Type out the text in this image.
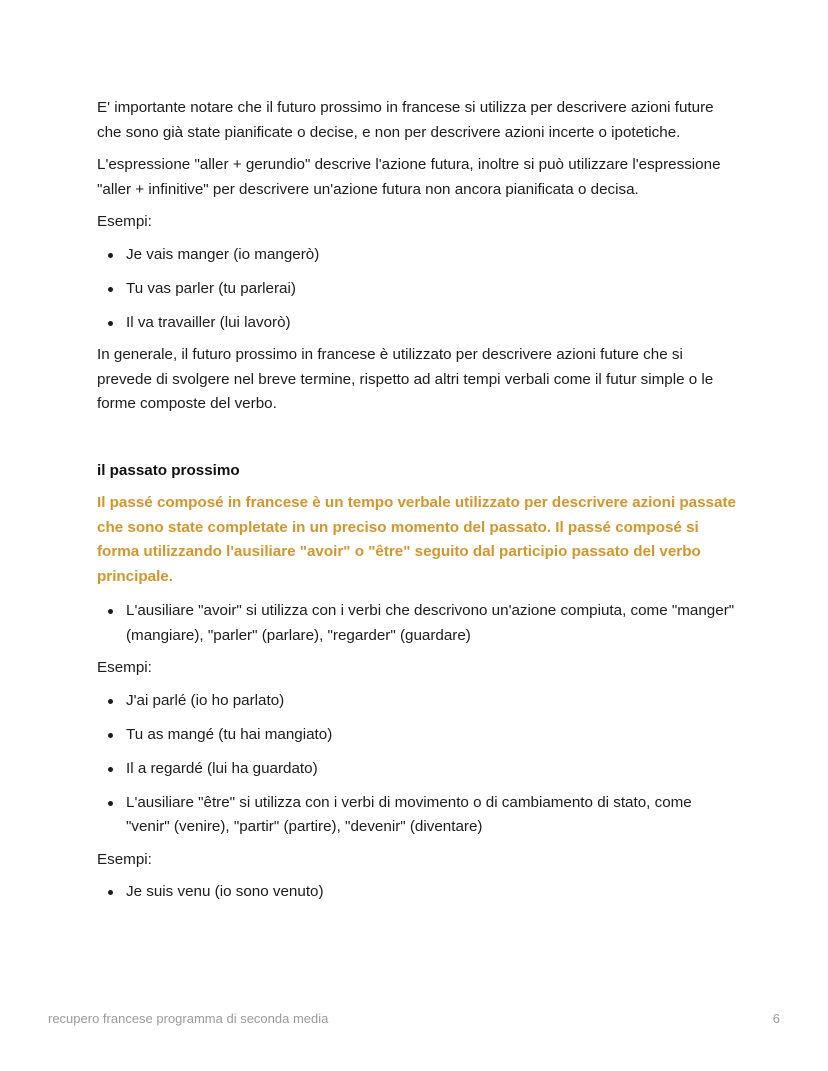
E' importante notare che il futuro prossimo in francese si utilizza per descrivere azioni future che sono già state pianificate o decise, e non per descrivere azioni incerte o ipotetiche.

L'espressione "aller + gerundio" descrive l'azione futura, inoltre si può utilizzare l'espressione "aller + infinitive" per descrivere un'azione futura non ancora pianificata o decisa.

Esempi:

Je vais manger (io mangerò)
Tu vas parler (tu parlerai)
Il va travailler (lui lavorò)

In generale, il futuro prossimo in francese è utilizzato per descrivere azioni future che si prevede di svolgere nel breve termine, rispetto ad altri tempi verbali come il futur simple o le forme composte del verbo.

il passato prossimo

Il passé composé in francese è un tempo verbale utilizzato per descrivere azioni passate che sono state completate in un preciso momento del passato. Il passé composé si forma utilizzando l'ausiliare "avoir" o "être" seguito dal participio passato del verbo principale.

L'ausiliare "avoir" si utilizza con i verbi che descrivono un'azione compiuta, come "manger" (mangiare), "parler" (parlare), "regarder" (guardare)

Esempi:

J'ai parlé (io ho parlato)
Tu as mangé (tu hai mangiato)
Il a regardé (lui ha guardato)
L'ausiliare "être" si utilizza con i verbi di movimento o di cambiamento di stato, come "venir" (venire), "partir" (partire), "devenir" (diventare)

Esempi:

Je suis venu (io sono venuto)
recupero francese programma di seconda media	6
